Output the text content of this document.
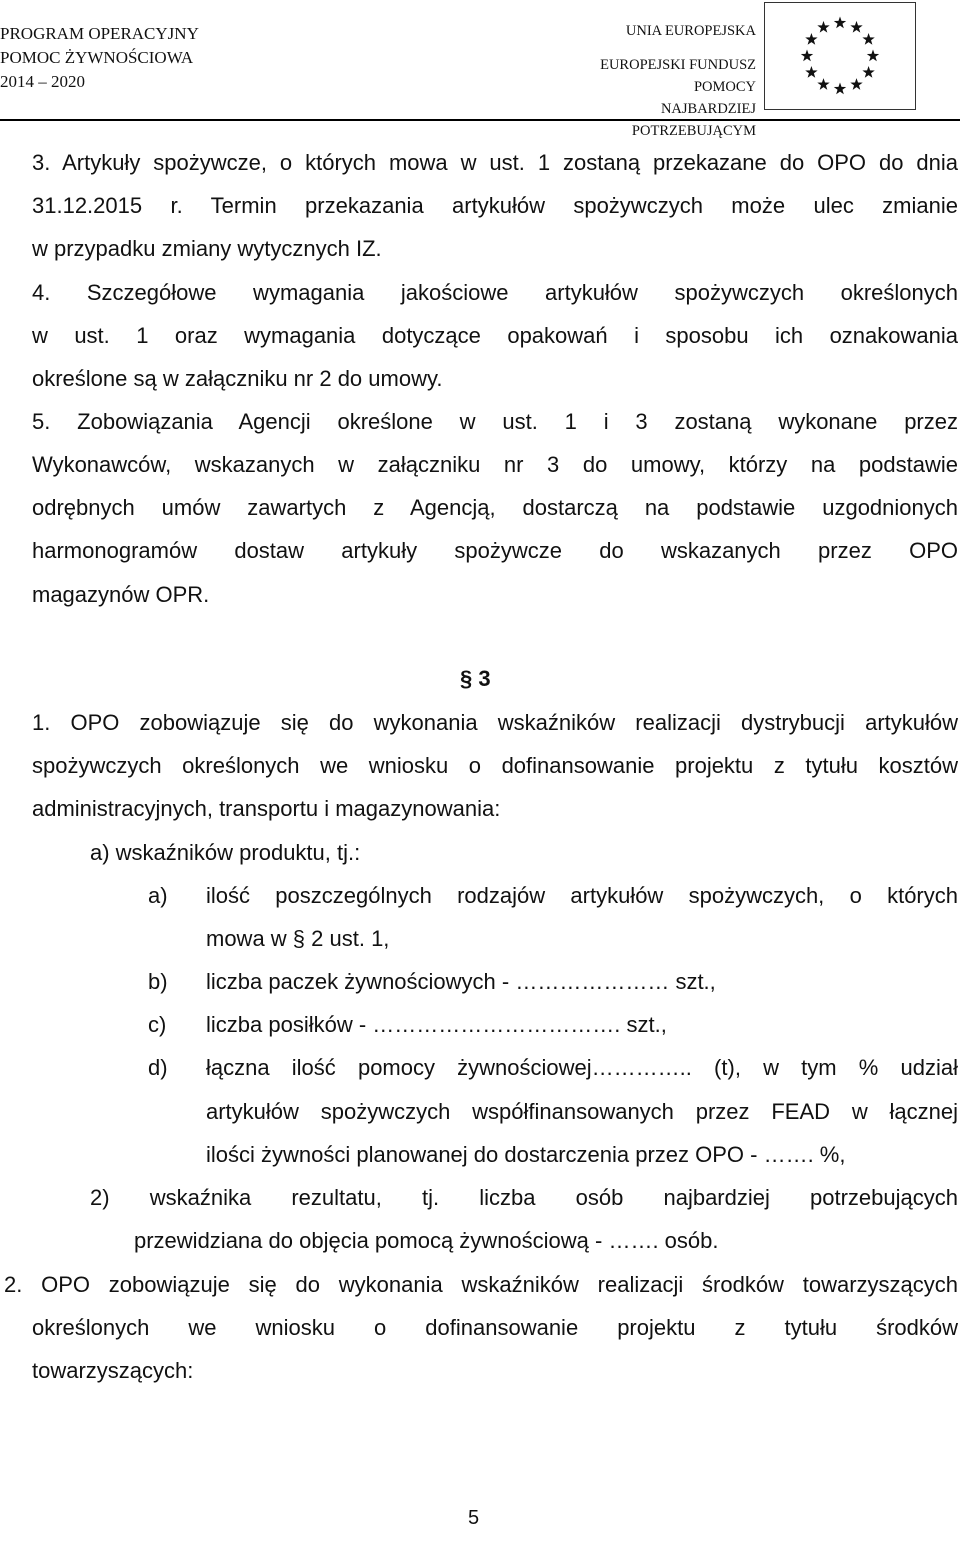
PROGRAM OPERACYJNY
POMOC ŻYWNOŚCIOWA
2014 – 2020
UNIA EUROPEJSKA
EUROPEJSKI FUNDUSZ POMOCY
NAJBARDZIEJ POTRZEBUJĄCYM
3. Artykuły spożywcze, o których mowa w ust. 1 zostaną przekazane do OPO do dnia
31.12.2015 r. Termin przekazania artykułów spożywczych może ulec zmianie
w przypadku zmiany wytycznych IZ.
4. Szczegółowe wymagania jakościowe artykułów spożywczych określonych
w ust. 1 oraz wymagania dotyczące opakowań i sposobu ich oznakowania
określone są w załączniku nr 2 do umowy.
5. Zobowiązania Agencji określone w ust. 1 i 3 zostaną wykonane przez
Wykonawców, wskazanych w załączniku nr 3 do umowy, którzy na podstawie
odrębnych umów zawartych z Agencją, dostarczą na podstawie uzgodnionych
harmonogramów dostaw artykuły spożywcze do wskazanych przez OPO
magazynów OPR.
§ 3
1. OPO zobowiązuje się do wykonania wskaźników realizacji dystrybucji artykułów
spożywczych określonych we wniosku o dofinansowanie projektu z tytułu kosztów
administracyjnych, transportu i magazynowania:
a) wskaźników produktu, tj.:
a) ilość poszczególnych rodzajów artykułów spożywczych, o których
mowa w § 2 ust. 1,
b) liczba paczek żywnościowych - ………………… szt.,
c) liczba posiłków - ……………………………. szt.,
d) łączna ilość pomocy żywnościowej………….. (t), w tym % udział
artykułów spożywczych współfinansowanych przez FEAD w łącznej
ilości żywności planowanej do dostarczenia przez OPO - ……. %,
2) wskaźnika rezultatu, tj. liczba osób najbardziej potrzebujących
przewidziana do objęcia pomocą żywnościową - ……. osób.
2. OPO zobowiązuje się do wykonania wskaźników realizacji środków towarzyszących
określonych we wniosku o dofinansowanie projektu z tytułu środków
towarzyszących:
5
